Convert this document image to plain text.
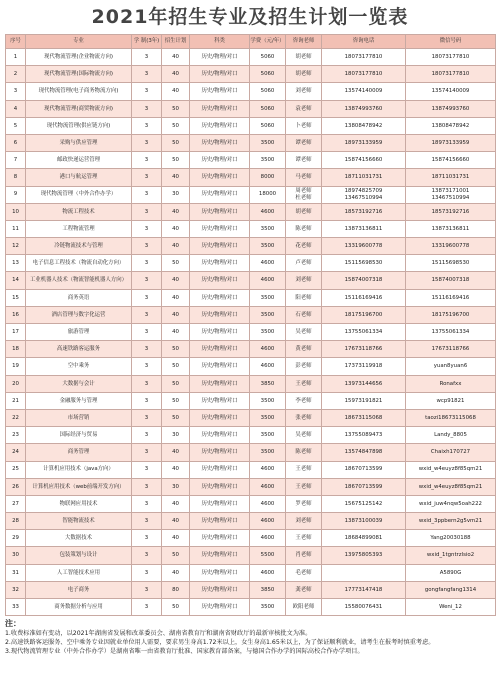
2021年招生专业及招生计划一览表
序号	专业	学 制(3年)	招生计划	科类	学费（元/年）	咨询老师	咨询电话	微信号码
1	现代物流管理(企业物流方向)	3	40	历史/物理/对口	5060	胡老师	18073177810	18073177810
2	现代物流管理(国际物流方向)	3	40	历史/物理/对口	5060	胡老师	18073177810	18073177810
3	现代物流管理(电子商务物流方向)	3	40	历史/物理/对口	5060	刘老师	13574140009	13574140009
4	现代物流管理(商贸物流方向)	3	50	历史/物理/对口	5060	袁老师	13874993760	13874993760
5	现代物流管理(供应链方向)	3	50	历史/物理/对口	5060	卜老师	13808478942	13808478942
6	采购与供应管理	3	50	历史/物理/对口	3500	谭老师	18973133959	18973133959
7	邮政快递运营管理	3	50	历史/物理/对口	3500	谭老师	15874156660	15874156660
8	港口与航运管理	3	40	历史/物理/对口	8000	马老师	18711031731	18711031731
9	现代物流管理（中外合作办学）	3	30	历史/物理/对口	18000	周老师 杜老师	18974825709 13467510994	13873171001 13467510994
10	物流工程技术	3	40	历史/物理/对口	4600	胡老师	18573192716	18573192716
11	工程物流管理	3	40	历史/物理/对口	3500	陈老师	13873136811	13873136811
12	冷链物流技术与管理	3	40	历史/物理/对口	3500	花老师	13319600778	13319600778
13	电子信息工程技术（物流自动化方向）	3	50	历史/物理/对口	4600	卢老师	15115698530	15115698530
14	工业机器人技术（物流智能机器人方向）	3	40	历史/物理/对口	4600	刘老师	15874007318	15874007318
15	商务英语	3	40	历史/物理/对口	3500	阳老师	15116169416	15116169416
16	酒店管理与数字化运营	3	40	历史/物理/对口	3500	石老师	18175196700	18175196700
17	旅游管理	3	40	历史/物理/对口	3500	吴老师	13755061334	13755061334
18	高速铁路客运服务	3	50	历史/物理/对口	4600	黄老师	17673118766	17673118766
19	空中乘务	3	50	历史/物理/对口	4600	彭老师	17373119918	yuan8yuan6
20	大数据与会计	3	50	历史/物理/对口	3850	王老师	13973144656	Ronafxx
21	金融服务与管理	3	50	历史/物理/对口	3500	李老师	15973191821	wcp91821
22	市场营销	3	50	历史/物理/对口	3500	张老师	18673115068	taozi18673115068
23	国际经济与贸易	3	30	历史/物理/对口	3500	吴老师	13755089473	Landy_8805
24	商务管理	3	40	历史/物理/对口	3500	陈老师	13574847898	Chaixh170727
25	计算机应用技术（java方向）	3	40	历史/物理/对口	4600	王老师	18670713599	wxid_w4euyz8f85qm21
26	计算机应用技术（web前端开发方向）	3	30	历史/物理/对口	4600	王老师	18670713599	wxid_w4euyz8f85qm21
27	物联网应用技术	3	40	历史/物理/对口	4600	罗老师	15675125142	wxid_juw4nqw5oah222
28	智能物流技术	3	40	历史/物理/对口	4600	刘老师	13873100039	wxid_3ppbern2g5vm21
29	大数据技术	3	40	历史/物理/对口	4600	王老师	18684899081	Yang20030188
30	包装策划与设计	3	50	历史/物理/对口	5500	肖老师	13975805393	wxid_1tgntrzlsio2
31	人工智能技术应用	3	40	历史/物理/对口	4600	毛老师		A5890G
32	电子商务	3	80	历史/物理/对口	3850	龚老师	17773147418	gongfangfang1314
33	商务数据分析与应用	3	50	历史/物理/对口	3500	欧阳老师	15580076431	Weni_12
注：
1.收费标准如有变动，以2021年湖南省发展和改革委员会、湖南省教育厅和湖南省财政厅的最新审核批文为准。
2.高速铁路客运服务、空中乘务专业因就业单位用人需要，要求男生身高1.72米以上，女生身高1.65米以上，为了保证顺利就业，请考生在报考时慎重考虑。
3.现代物流管理专业（中外合作办学）是湖南省唯一由省教育厅批准、国家教育部备案，与德国合作办学的国际高校合作办学项目。
